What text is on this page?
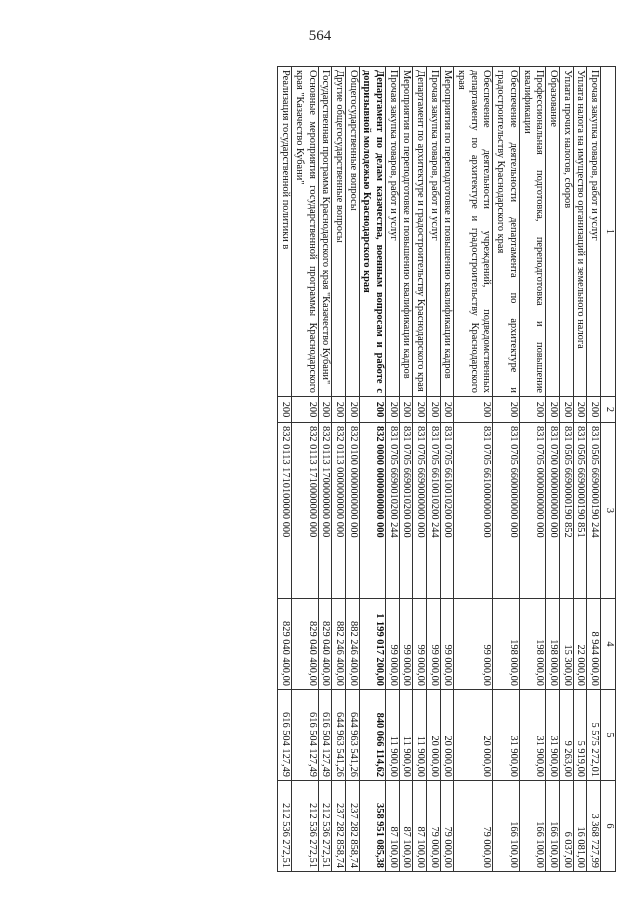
564
1	2	3	4	5	6
Прочая закупка товаров, работ и услуг	200	831 0505 6690000190 244	8 944 000,00	5 575 272,01	3 368 727,99
Уплата налога на имущество организаций и земельного налога	200	831 0505 6690000190 851	22 000,00	5 919,00	16 081,00
Уплата прочих налогов, сборов	200	831 0505 6690000190 852	15 300,00	9 263,00	6 037,00
Образование	200	831 0700 0000000000 000	198 000,00	31 900,00	166 100,00
Профессиональная подготовка, переподготовка и повышение квалификации	200	831 0705 0000000000 000	198 000,00	31 900,00	166 100,00
Обеспечение деятельности департамента по архитектуре и градостроительству Краснодарского края	200	831 0705 6600000000 000	198 000,00	31 900,00	166 100,00
Обеспечение деятельности учреждений, подведомственных департаменту по архитектуре и градостроительству Краснодарского края	200	831 0705 6610000000 000	99 000,00	20 000,00	79 000,00
Мероприятия по переподготовке и повышению квалификации кадров	200	831 0705 6610010200 000	99 000,00	20 000,00	79 000,00
Прочая закупка товаров, работ и услуг	200	831 0705 6610010200 244	99 000,00	20 000,00	79 000,00
Департамент по архитектуре и градостроительству Краснодарского края	200	831 0705 6690000000 000	99 000,00	11 900,00	87 100,00
Мероприятия по переподготовке и повышению квалификации кадров	200	831 0705 6690010200 000	99 000,00	11 900,00	87 100,00
Прочая закупка товаров, работ и услуг	200	831 0705 6690010200 244	99 000,00	11 900,00	87 100,00
Департамент по делам казачества, военным вопросам и работе с допризывной молодежью Краснодарского края	200	832 0000 0000000000 000	1 199 017 200,00	840 066 114,62	358 951 085,38
Общегосударственные вопросы	200	832 0100 0000000000 000	882 246 400,00	644 963 541,26	237 282 858,74
Другие общегосударственные вопросы	200	832 0113 0000000000 000	882 246 400,00	644 963 541,26	237 282 858,74
Государственная программа Краснодарского края "Казачество Кубани"	200	832 0113 1700000000 000	829 040 400,00	616 504 127,49	212 536 272,51
Основные мероприятия государственной программы Краснодарского края "Казачество Кубани"	200	832 0113 1710000000 000	829 040 400,00	616 504 127,49	212 536 272,51
Реализация государственной политики в	200	832 0113 1710100000 000	829 040 400,00	616 504 127,49	212 536 272,51
